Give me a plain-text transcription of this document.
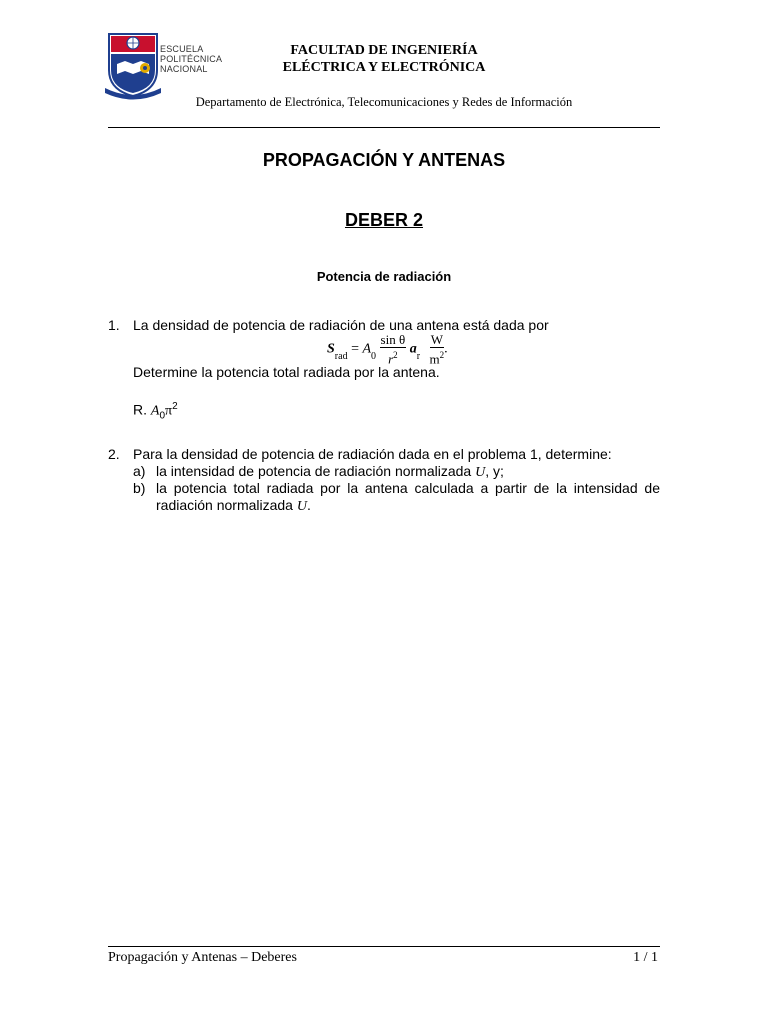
ESCUELA
POLITÉCNICA
NACIONAL
FACULTAD DE INGENIERÍA
ELÉCTRICA Y ELECTRÓNICA
Departamento de Electrónica, Telecomunicaciones y Redes de Información
PROPAGACIÓN Y ANTENAS
DEBER 2
Potencia de radiación
1. La densidad de potencia de radiación de una antena está dada por
$S_{rad} = A_0 \frac{\text{sin θ}}{r^2} a_r \frac{W}{m^2}$ .
Determine la potencia total radiada por la antena.
R. $A_0\pi^2$
2. Para la densidad de potencia de radiación dada en el problema 1, determine:
a) la intensidad de potencia de radiación normalizada U, y;
b) la potencia total radiada por la antena calculada a partir de la intensidad de
radiación normalizada U.
Propagación y Antenas – Deberes	1 / 1
